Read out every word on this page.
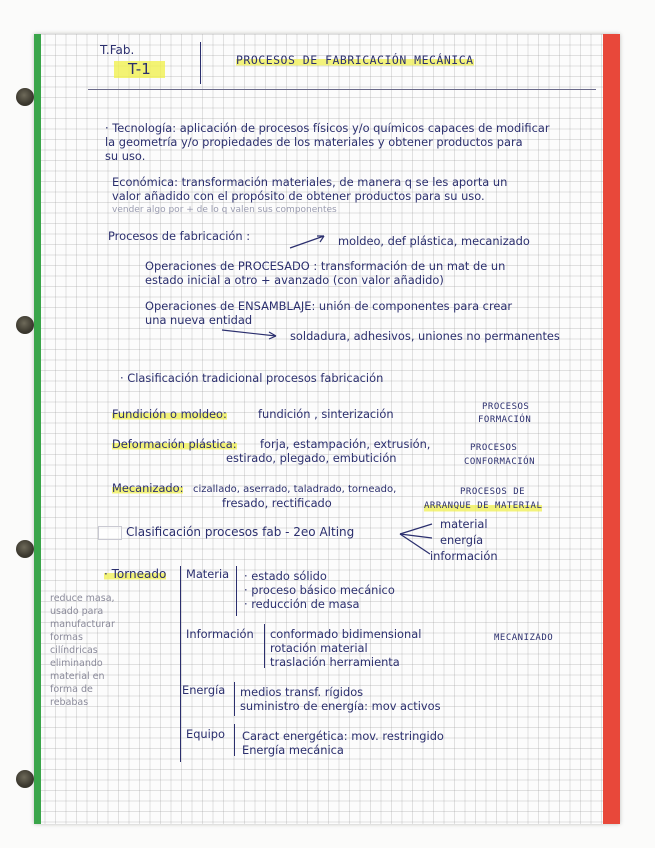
T.Fab.
T-1	PROCESOS DE FABRICACIÓN MECÁNICA
· Tecnología: aplicación de procesos físicos y/o químicos capaces de modificar
la geometría y/o propiedades de los materiales y obtener productos para
su uso.
Económica: transformación materiales, de manera q se les aporta un
valor añadido con el propósito de obtener productos para su uso.
vender algo por + de lo q valen sus componentes
Procesos de fabricación :	moldeo, def plástica, mecanizado
Operaciones de PROCESADO : transformación de un mat de un
estado inicial a otro + avanzado (con valor añadido)
Operaciones de ENSAMBLAJE: unión de componentes para crear
una nueva entidad
soldadura, adhesivos, uniones no permanentes
· Clasificación tradicional procesos fabricación
Fundición o moldeo:	fundición , sinterización	PROCESOS
FORMACIÓN
Deformación plástica: forja, estampación, extrusión,
estirado, plegado, embutición
PROCESOS
CONFORMACIÓN
Mecanizado: cizallado, aserrado, taladrado, torneado,
fresado, rectificado
PROCESOS DE
ARRANQUE DE MATERIAL
Clasificación procesos fab - 2eo Alting
material
energía
información
· Torneado
reduce masa,
usado para
manufacturar
formas
cilíndricas
eliminando
material en
forma de
rebabas
Materia · estado sólido
· proceso básico mecánico
· reducción de masa
Información conformado bidimensional
rotación material
traslación herramienta
MECANIZADO
Energía medios transf. rígidos
suministro de energía: mov activos
Equipo Caract energética: mov. restringido
Energía mecánica
